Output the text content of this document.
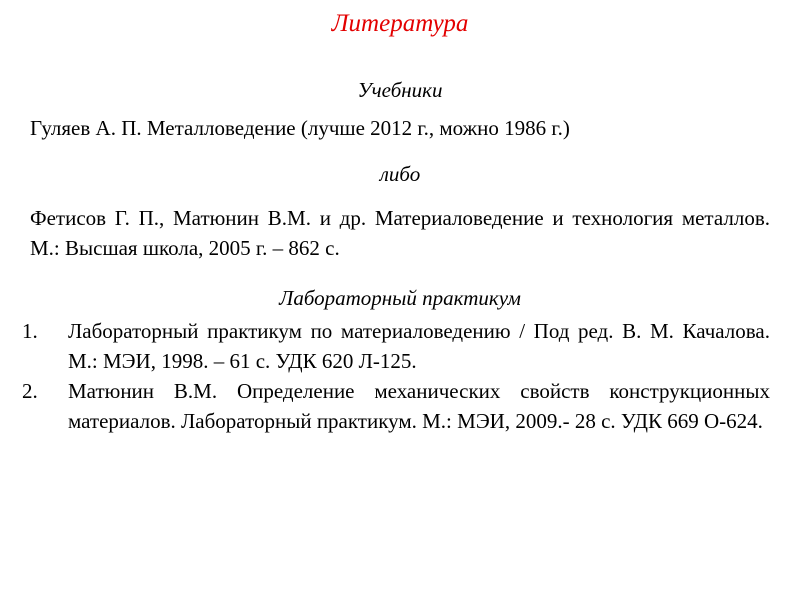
Литература
Учебники
Гуляев А. П. Металловедение (лучше 2012 г., можно 1986 г.)
либо
Фетисов Г. П., Матюнин В.М. и др. Материаловедение и технология металлов. М.: Высшая школа, 2005 г. – 862 с.
Лабораторный практикум
1. Лабораторный практикум по материаловедению / Под ред. В. М. Качалова. М.: МЭИ, 1998. – 61 с. УДК 620 Л-125.
2. Матюнин В.М. Определение механических свойств конструкционных материалов. Лабораторный практикум. М.: МЭИ, 2009.- 28 с. УДК 669 О-624.
